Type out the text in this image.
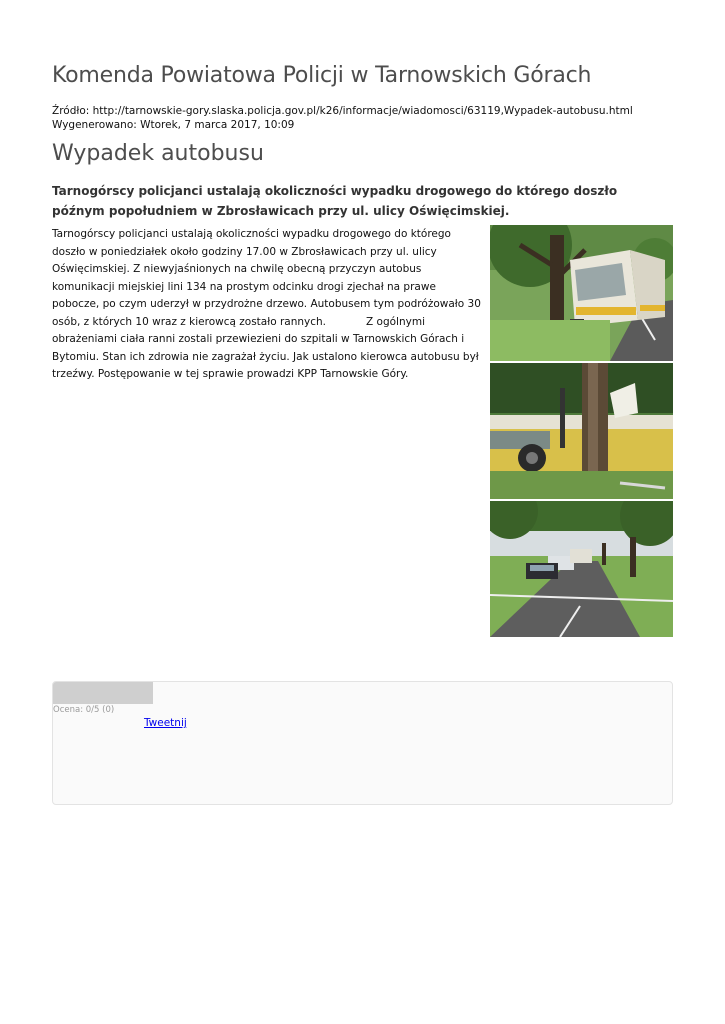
Komenda Powiatowa Policji w Tarnowskich Górach
Źródło: http://tarnowskie-gory.slaska.policja.gov.pl/k26/informacje/wiadomosci/63119,Wypadek-autobusu.html
Wygenerowano: Wtorek, 7 marca 2017, 10:09
Wypadek autobusu

Tarnogórscy policjanci ustalają okoliczności wypadku drogowego do którego doszło późnym popołudniem w Zbrosławicach przy ul. ulicy Oświęcimskiej.

Tarnogórscy policjanci ustalają okoliczności wypadku drogowego do którego doszło w poniedziałek około godziny 17.00 w Zbrosławicach przy ul. ulicy Oświęcimskiej. Z niewyjaśnionych na chwilę obecną przyczyn autobus komunikacji miejskiej lini 134 na prostym odcinku drogi zjechał na prawe pobocze, po czym uderzył w przydrożne drzewo. Autobusem tym podróżowało 30 osób, z których 10 wraz z kierowcą zostało rannych.	Z ogólnymi obrażeniami ciała ranni zostali przewiezieni do szpitali w Tarnowskich Górach i Bytomiu. Stan ich zdrowia nie zagrażał życiu. Jak ustalono kierowca autobusu był trzeźwy. Postępowanie w tej sprawie prowadzi KPP Tarnowskie Góry.
Ocena: 0/5 (0)
Tweetnij
